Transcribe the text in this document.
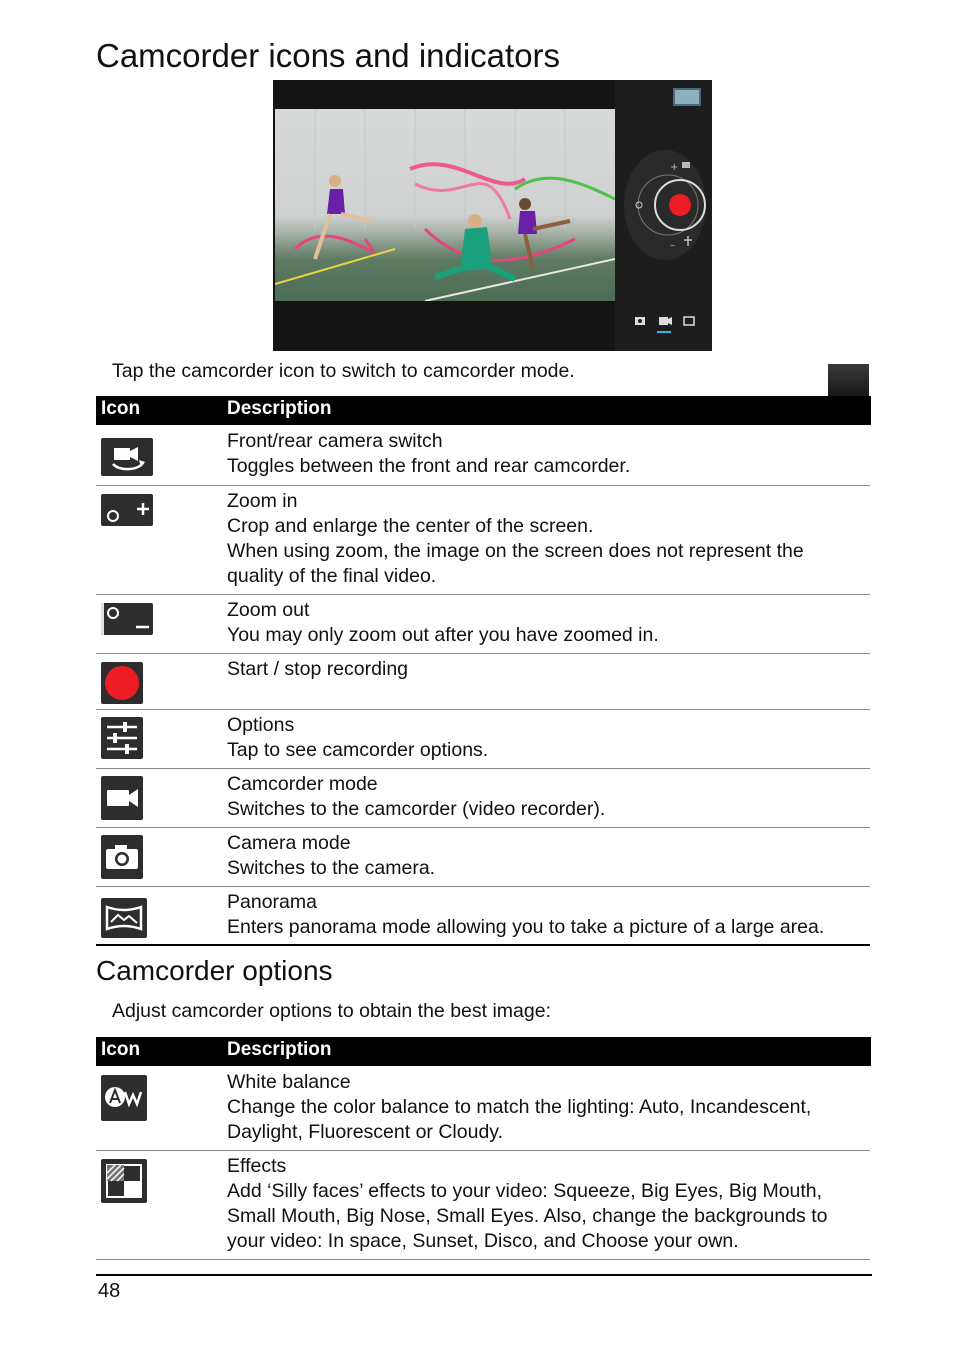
Camcorder icons and indicators
+
–
Tap the camcorder icon to switch to camcorder mode.
Icon	Description
Front/rear camera switch
Toggles between the front and rear camcorder.
Zoom in
Crop and enlarge the center of the screen.
When using zoom, the image on the screen does not represent the
quality of the final video.
Zoom out
You may only zoom out after you have zoomed in.
Start / stop recording
Options
Tap to see camcorder options.
Camcorder mode
Switches to the camcorder (video recorder).
Camera mode
Switches to the camera.
Panorama
Enters panorama mode allowing you to take a picture of a large area.
Camcorder options
Adjust camcorder options to obtain the best image:
Icon	Description
White balance
Change the color balance to match the lighting: Auto, Incandescent,
Daylight, Fluorescent or Cloudy.
Effects
Add ‘Silly faces’ effects to your video: Squeeze, Big Eyes, Big Mouth,
Small Mouth, Big Nose, Small Eyes. Also, change the backgrounds to
your video: In space, Sunset, Disco, and Choose your own.
48
